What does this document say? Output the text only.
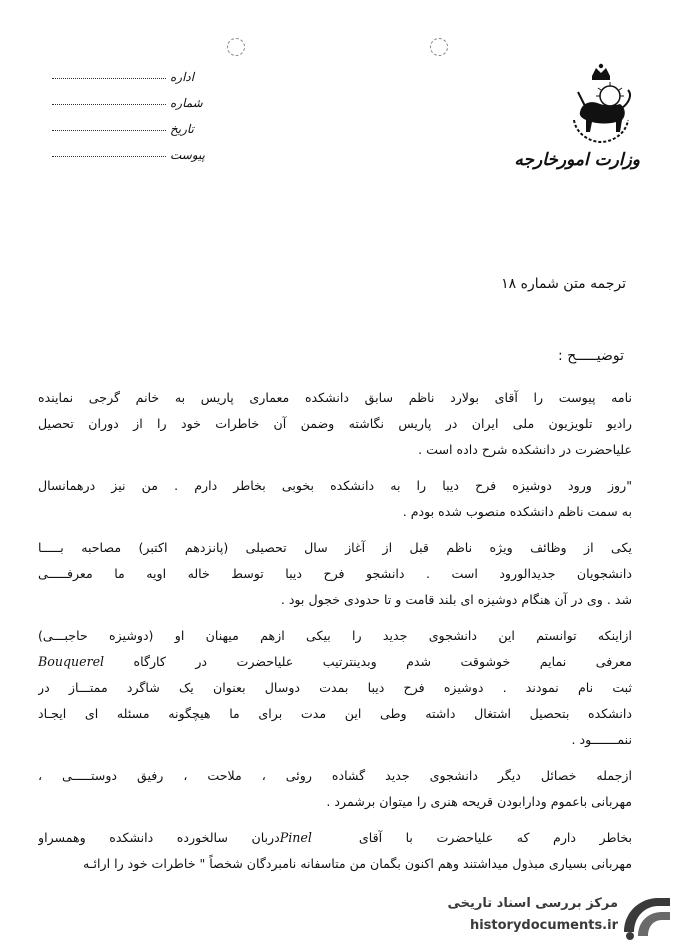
اداره
شماره
تاریخ
پیوست	وزارت امورخارجه
ترجمه متن شماره ۱۸
توضیـــــح :
نامه پیوست را آقای بولارد ناظم سابق دانشکده معماری پاریس به خانم گرجی نماینده
رادیو تلویزیون ملی ایران در پاریس نگاشته وضمن آن خاطرات خود را از دوران تحصیل
علیاحضرت در دانشکده شرح داده است .
"روز ورود دوشیزه فرح دیبا را به دانشکده بخوبی بخاطر دارم . من نیز درهمانسال
به سمت ناظم دانشکده منصوب شده بودم .
یکی از وظائف ویژه ناظم قبل از آغاز سال تحصیلی (پانزدهم اکتبر) مصاحبه بـــــا
دانشجویان جدیدالورود است . دانشجو فرح دیبا توسط خاله اویه ما معرفـــــی
شد . وی در آن هنگام دوشیزه ای بلند قامت و تا حدودی خجول بود .
ازاینکه توانستم این دانشجوی جدید را بیکی ازهم میهنان او (دوشیزه حاجبـــی)
معرفی نمایم خوشوقت شدم وبدینترتیب علیاحضرت در کارگاه Bouquerel
ثبت نام نمودند . دوشیزه فرح دیبا بمدت دوسال بعنوان یک شاگرد ممتـــاز در
دانشکده بتحصیل اشتغال داشته وطی این مدت برای ما هیچگونه مسئله ای ایجـاد
ننمـــــــود .
ازجمله خصائل دیگر دانشجوی جدید گشاده روئی ، ملاحت ، رفیق دوستـــــی ،
مهربانی باعموم ودارابودن قریحه هنری را میتوان برشمرد .
بخاطر دارم که علیاحضرت با آقای Pinel دربان سالخورده دانشکده وهمسراو
مهربانی بسیاری مبذول میداشتند وهم اکنون بگمان من متاسفانه نامبردگان شخصاً " خاطرات خود را ارائـه
مرکز بررسی اسناد تاریخی
historydocuments.ir
